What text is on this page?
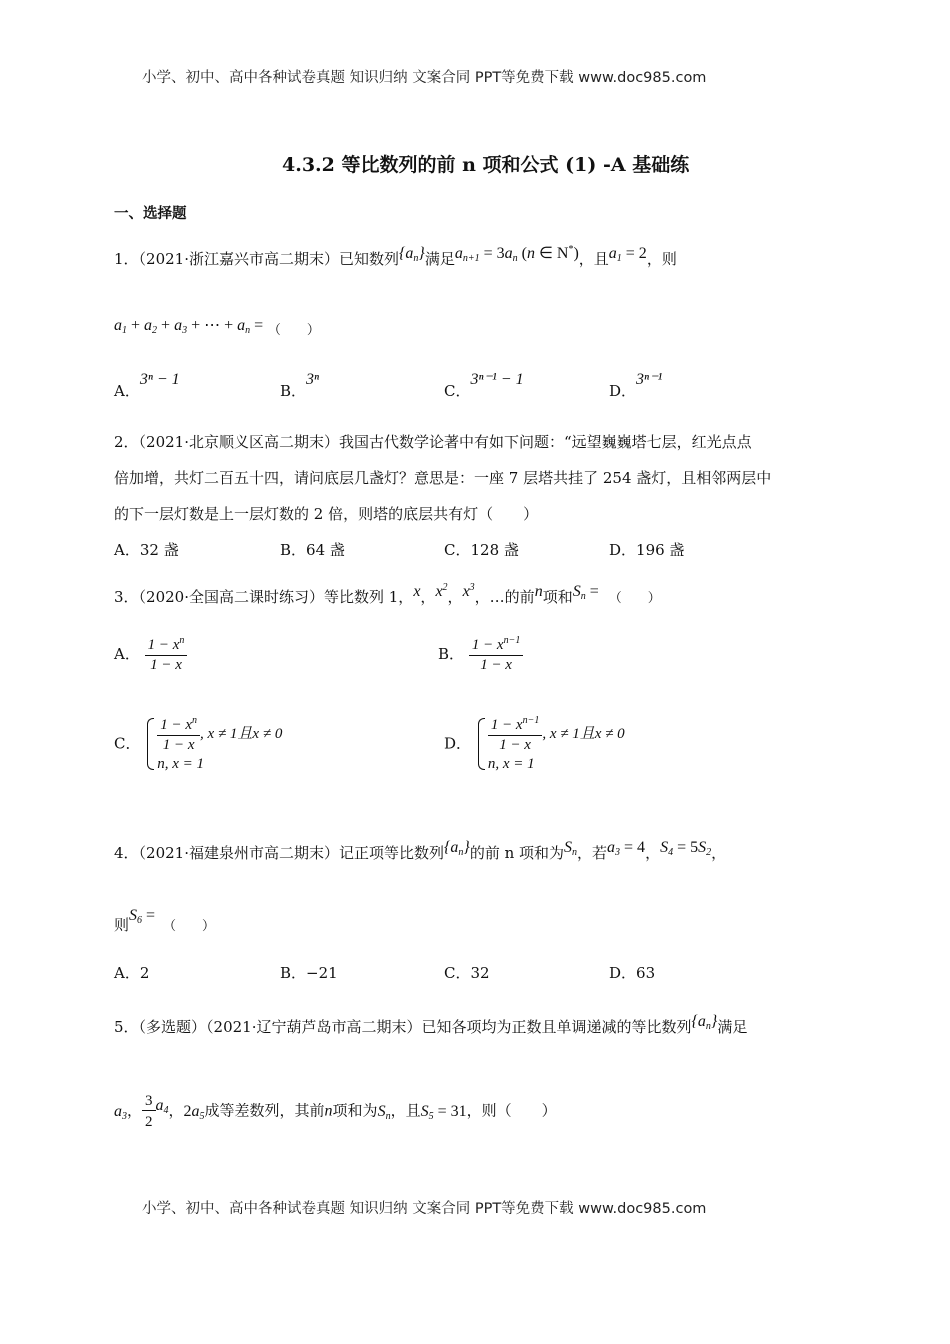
小学、初中、高中各种试卷真题 知识归纳 文案合同 PPT等免费下载 www.doc985.com
4.3.2 等比数列的前 n 项和公式 (1) -A 基础练
一、选择题
1．（2021·浙江嘉兴市高二期末）已知数列$\{a_n\}$满足$a_{n+1} = 3a_n$ (n ∈ N*)，且$a_1 = 2$，则
$a_1 + a_2 + a_3$ + ⋯ + $a_n$ = （　　）
A．3ⁿ − 1
B．3ⁿ
C．3ⁿ⁻¹ − 1
D．3ⁿ⁻¹
2．（2021·北京顺义区高二期末）我国古代数学论著中有如下问题：“远望巍巍塔七层，红光点点
倍加增，共灯二百五十四，请问底层几盏灯？意思是：一座 7 层塔共挂了 254 盏灯，且相邻两层中
的下一层灯数是上一层灯数的 2 倍，则塔的底层共有灯（　　）
A．32 盏	B．64 盏	C．128 盏	D．196 盏
3．（2020·全国高二课时练习）等比数列 1，x，$x^2$，$x^3$，…的前n项和$S_n$ = （　　）
A． $\frac{1 - x^n}{1 - x}$	B． $\frac{1 - x^{n-1}}{1 - x}$
C． $\frac{1 - x^n}{1 - x}$ , x ≠ 1且x ≠ 0
n, x = 1
D． $\frac{1 - x^{n-1}}{1 - x}$ , x ≠ 1且x ≠ 0
n, x = 1
4．（2021·福建泉州市高二期末）记正项等比数列$\{a_n\}$的前 n 项和为$S_n$，若$a_3 = 4$，$S_4 = 5S_2$，
则$S_6$ =（　　）
A．2	B．−21	C．32	D．63
5．（多选题）（2021·辽宁葫芦岛市高二期末）已知各项均为正数且单调递减的等比数列$\{a_n\}$满足
$a_3$， $\frac{3}{2} a_4$，$2a_5$成等差数列，其前n项和为$S_n$，且$S_5 = 31$，则（　　）
小学、初中、高中各种试卷真题 知识归纳 文案合同 PPT等免费下载 www.doc985.com
